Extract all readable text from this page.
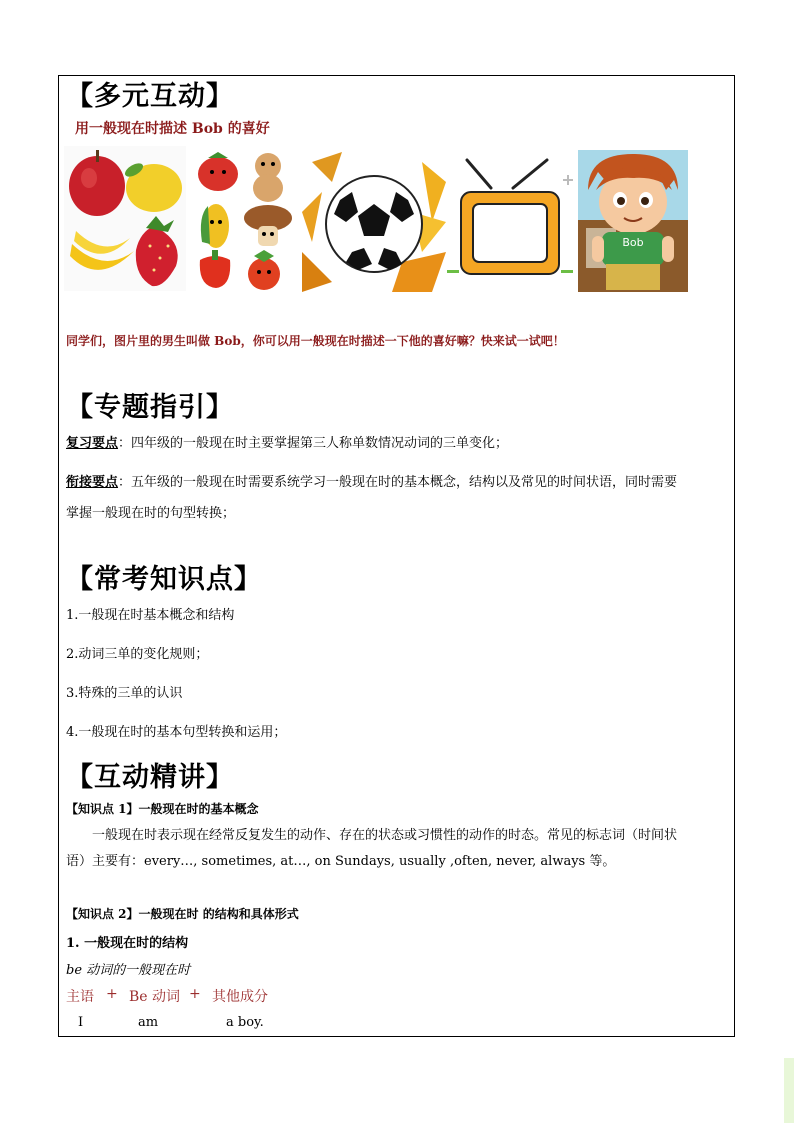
【多元互动】
用一般现在时描述 Bob 的喜好
Bob
同学们，图片里的男生叫做 Bob，你可以用一般现在时描述一下他的喜好嘛？快来试一试吧！
【专题指引】
复习要点：四年级的一般现在时主要掌握第三人称单数情况动词的三单变化；
衔接要点：五年级的一般现在时需要系统学习一般现在时的基本概念，结构以及常见的时间状语，同时需要
掌握一般现在时的句型转换；
【常考知识点】
1.一般现在时基本概念和结构
2.动词三单的变化规则；
3.特殊的三单的认识
4.一般现在时的基本句型转换和运用；
【互动精讲】
【知识点 1】一般现在时的基本概念
一般现在时表示现在经常反复发生的动作、存在的状态或习惯性的动作的时态。常见的标志词（时间状
语）主要有：every…, sometimes, at…, on Sundays, usually ,often, never, always 等。
【知识点 2】一般现在时 的结构和具体形式
1. 一般现在时的结构
be 动词的一般现在时
主语 + Be 动词 + 其他成分
I	am	a boy.
